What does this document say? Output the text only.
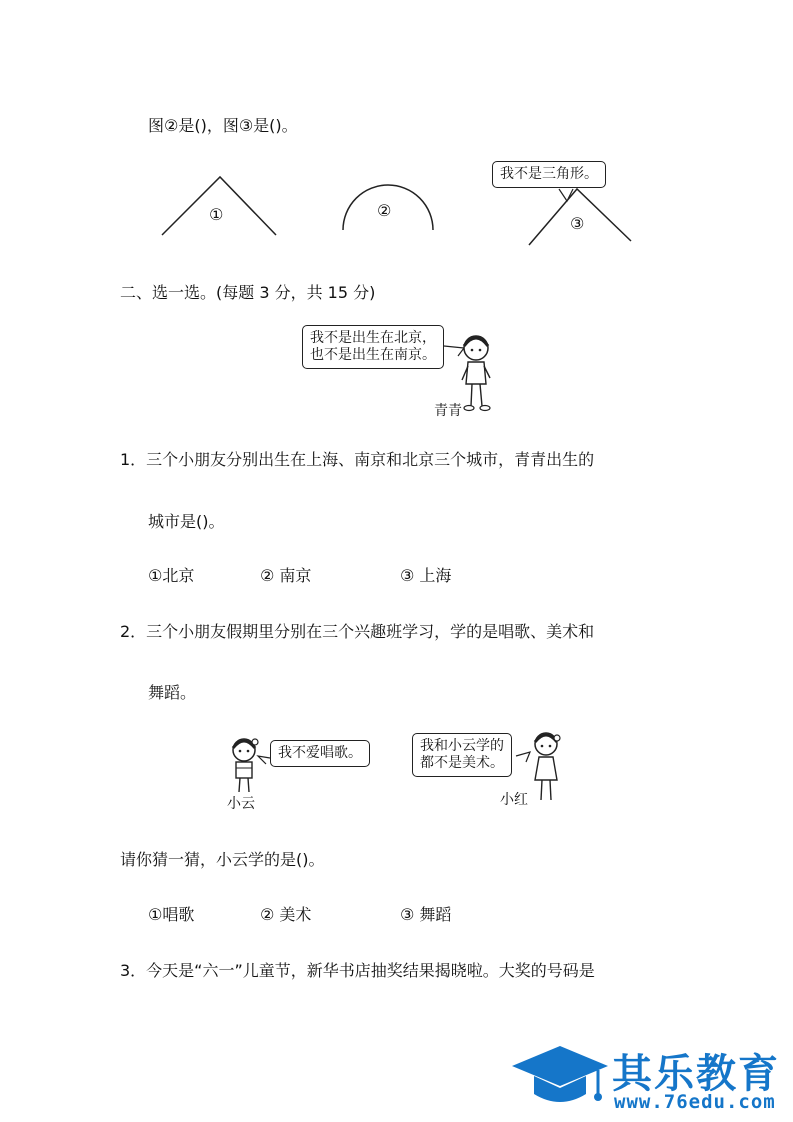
图②是()，图③是()。
①	②
我不是三角形。
③
二、选一选。(每题 3 分，共 15 分)
我不是出生在北京，
也不是出生在南京。
青青
1．三个小朋友分别出生在上海、南京和北京三个城市，青青出生的
城市是()。
①北京	② 南京	③ 上海
2．三个小朋友假期里分别在三个兴趣班学习，学的是唱歌、美术和
舞蹈。
我不爱唱歌。
小云
我和小云学的
都不是美术。
小红
请你猜一猜，小云学的是()。
①唱歌	② 美术	③ 舞蹈
3．今天是“六一”儿童节，新华书店抽奖结果揭晓啦。大奖的号码是
其乐教育
www.76edu.com
